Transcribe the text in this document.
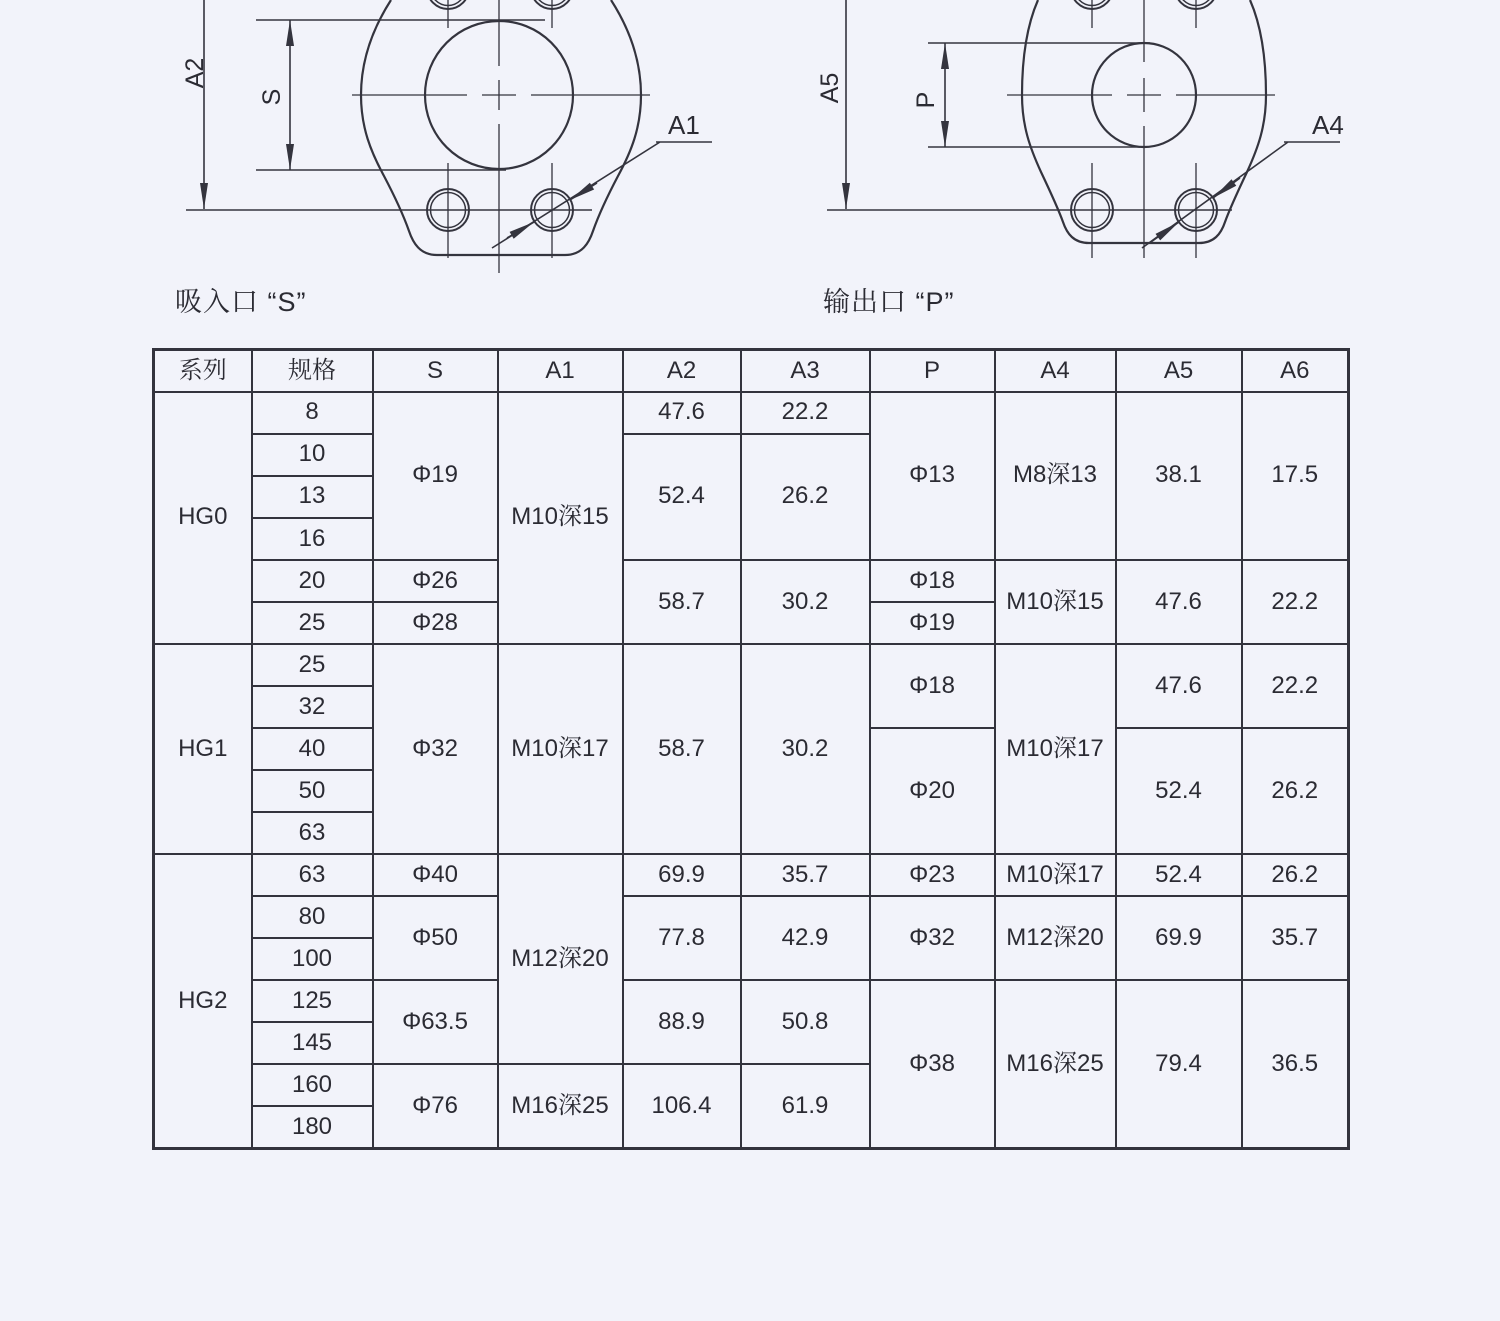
A2
S
A1
A5	P
A4
吸入口 “S”	输出口 “P”
系列	规格	S	A1	A2	A3	P	A4	A5	A6
HG0	8	Φ19	M10深15	47.6	22.2	Φ13	M8深13	38.1	17.5
	10			52.4	26.2				
	13								
	16								
	20	Φ26		58.7	30.2	Φ18	M10深15	47.6	22.2
	25	Φ28				Φ19			
HG1	25	Φ32	M10深17	58.7	30.2	Φ18	M10深17	47.6	22.2
	32								
	40					Φ20		52.4	26.2
	50								
	63								
HG2	63	Φ40	M12深20	69.9	35.7	Φ23	M10深17	52.4	26.2
	80	Φ50		77.8	42.9	Φ32	M12深20	69.9	35.7
	100								
	125	Φ63.5		88.9	50.8	Φ38	M16深25	79.4	36.5
	145								
	160	Φ76	M16深25	106.4	61.9				
	180								
